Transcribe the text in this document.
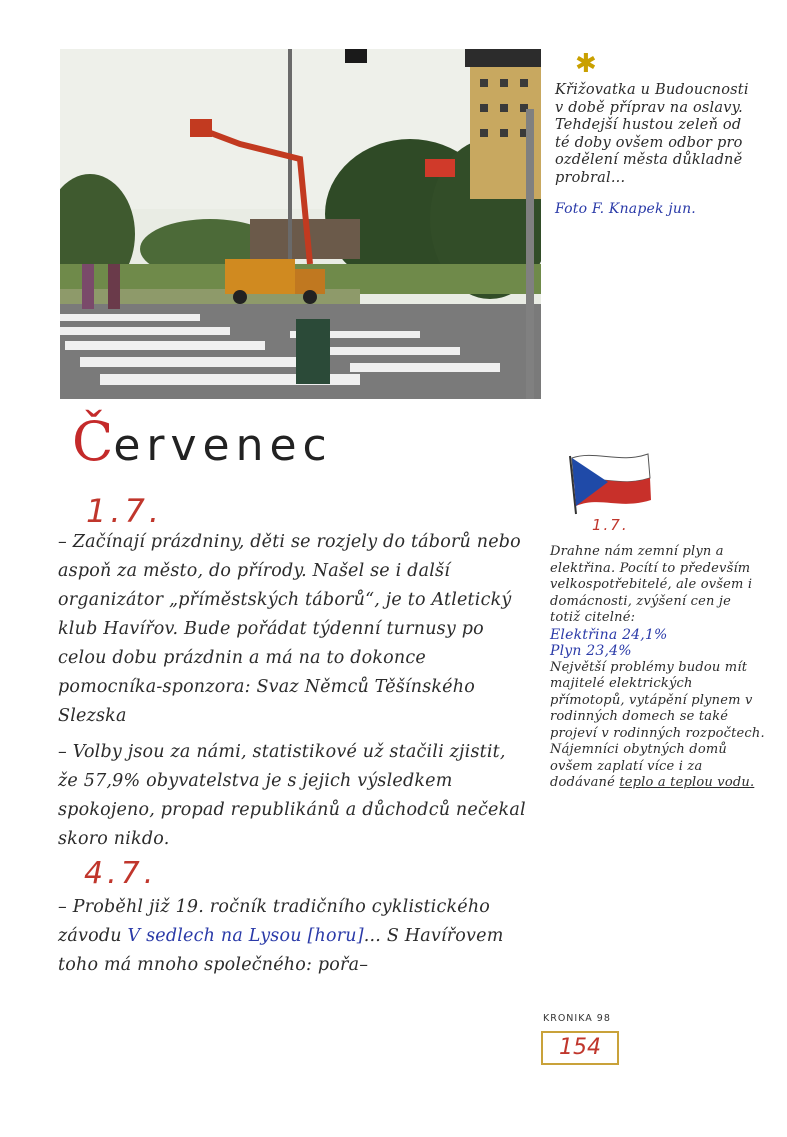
✱
Křižovatka u Budoucnosti v době příprav na oslavy. Tehdejší hustou zeleň od té doby ovšem odbor pro ozdělení města důkladně probral...
Foto F. Knapek jun.
Červenec
1.7.
– Začínají prázdniny, děti se rozjely do táborů nebo aspoň za město, do přírody. Našel se i další organizátor „příměstských táborů“, je to Atletický klub Havířov. Bude pořádat týdenní turnusy po celou dobu prázdnin a má na to dokonce pomocníka-sponzora: Svaz Němců Těšínského Slezska
– Volby jsou za námi, statistikové už stačili zjistit, že 57,9% obyvatelstva je s jejich výsledkem spokojeno, propad republikánů a důchodců nečekal skoro nikdo.
4.7.
– Proběhl již 19. ročník tradičního cyklistického závodu V sedlech na Lysou [horu]... S Havířovem toho má mnoho společného: pořa–
1.7.
Drahne nám zemní plyn a elektřina. Pocítí to především velkospotřebitelé, ale ovšem i domácnosti, zvýšení cen je totiž citelné:
Elektřina 24,1%
Plyn 23,4%
Největší problémy budou mít majitelé elektrických přímotopů, vytápění plynem v rodinných domech se také projeví v rodinných rozpočtech.
Nájemníci obytných domů ovšem zaplatí více i za dodávané teplo a teplou vodu.
KRONIKA 98
154
